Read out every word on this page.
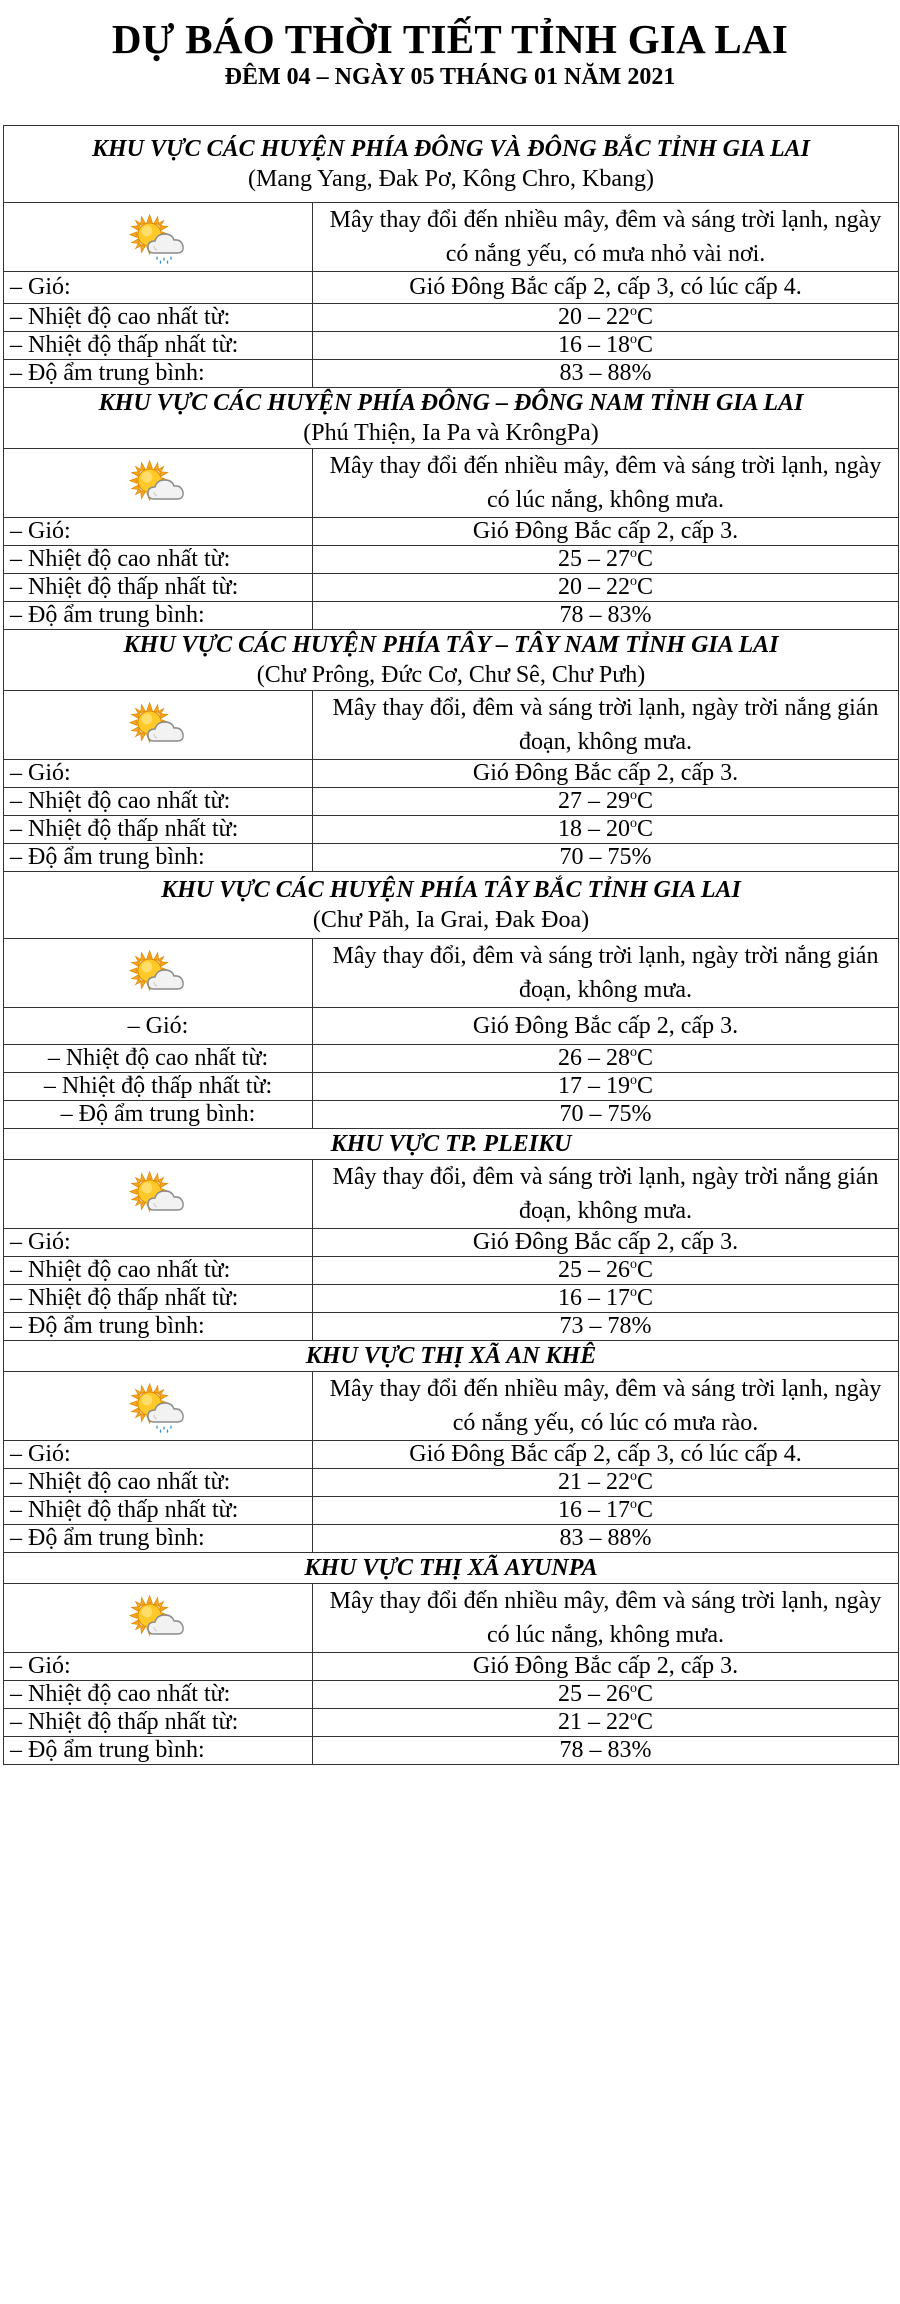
DỰ BÁO THỜI TIẾT TỈNH GIA LAI
ĐÊM 04 – NGÀY 05 THÁNG 01 NĂM 2021
KHU VỰC CÁC HUYỆN PHÍA ĐÔNG VÀ ĐÔNG BẮC TỈNH GIA LAI
(Mang Yang, Đak Pơ, Kông Chro, Kbang)	

	Mây thay đổi đến nhiều mây, đêm và sáng trời lạnh, ngày có nắng yếu, có mưa nhỏ vài nơi.
– Gió:	Gió Đông Bắc cấp 2, cấp 3, có lúc cấp 4.
– Nhiệt độ cao nhất từ:	20 – 22$^o$C
– Nhiệt độ thấp nhất từ:	16 – 18$^o$C
– Độ ẩm trung bình:	83 – 88%

KHU VỰC CÁC HUYỆN PHÍA ĐÔNG – ĐÔNG NAM TỈNH GIA LAI
(Phú Thiện, Ia Pa và KrôngPa)	

	Mây thay đổi đến nhiều mây, đêm và sáng trời lạnh, ngày có lúc nắng, không mưa.
– Gió:	Gió Đông Bắc cấp 2, cấp 3.
– Nhiệt độ cao nhất từ:	25 – 27$^o$C
– Nhiệt độ thấp nhất từ:	20 – 22$^o$C
– Độ ẩm trung bình:	78 – 83%

KHU VỰC CÁC HUYỆN PHÍA TÂY – TÂY NAM TỈNH GIA LAI
(Chư Prông, Đức Cơ, Chư Sê, Chư Pưh)	

	Mây thay đổi, đêm và sáng trời lạnh, ngày trời nắng gián đoạn, không mưa.
– Gió:	Gió Đông Bắc cấp 2, cấp 3.
– Nhiệt độ cao nhất từ:	27 – 29$^o$C
– Nhiệt độ thấp nhất từ:	18 – 20$^o$C
– Độ ẩm trung bình:	70 – 75%

KHU VỰC CÁC HUYỆN PHÍA TÂY BẮC TỈNH GIA LAI
(Chư Păh, Ia Grai, Đak Đoa)	

	Mây thay đổi, đêm và sáng trời lạnh, ngày trời nắng gián đoạn, không mưa.
– Gió:	Gió Đông Bắc cấp 2, cấp 3.
– Nhiệt độ cao nhất từ:	26 – 28$^o$C
– Nhiệt độ thấp nhất từ:	17 – 19$^o$C
– Độ ẩm trung bình:	70 – 75%

KHU VỰC TP. PLEIKU	

	Mây thay đổi, đêm và sáng trời lạnh, ngày trời nắng gián đoạn, không mưa.
– Gió:	Gió Đông Bắc cấp 2, cấp 3.
– Nhiệt độ cao nhất từ:	25 – 26$^o$C
– Nhiệt độ thấp nhất từ:	16 – 17$^o$C
– Độ ẩm trung bình:	73 – 78%

KHU VỰC THỊ XÃ AN KHÊ	

	Mây thay đổi đến nhiều mây, đêm và sáng trời lạnh, ngày có nắng yếu, có lúc có mưa rào.
– Gió:	Gió Đông Bắc cấp 2, cấp 3, có lúc cấp 4.
– Nhiệt độ cao nhất từ:	21 – 22$^o$C
– Nhiệt độ thấp nhất từ:	16 – 17$^o$C
– Độ ẩm trung bình:	83 – 88%

KHU VỰC THỊ XÃ AYUNPA	

	Mây thay đổi đến nhiều mây, đêm và sáng trời lạnh, ngày có lúc nắng, không mưa.
– Gió:	Gió Đông Bắc cấp 2, cấp 3.
– Nhiệt độ cao nhất từ:	25 – 26$^o$C
– Nhiệt độ thấp nhất từ:	21 – 22$^o$C
– Độ ẩm trung bình:	78 – 83%
